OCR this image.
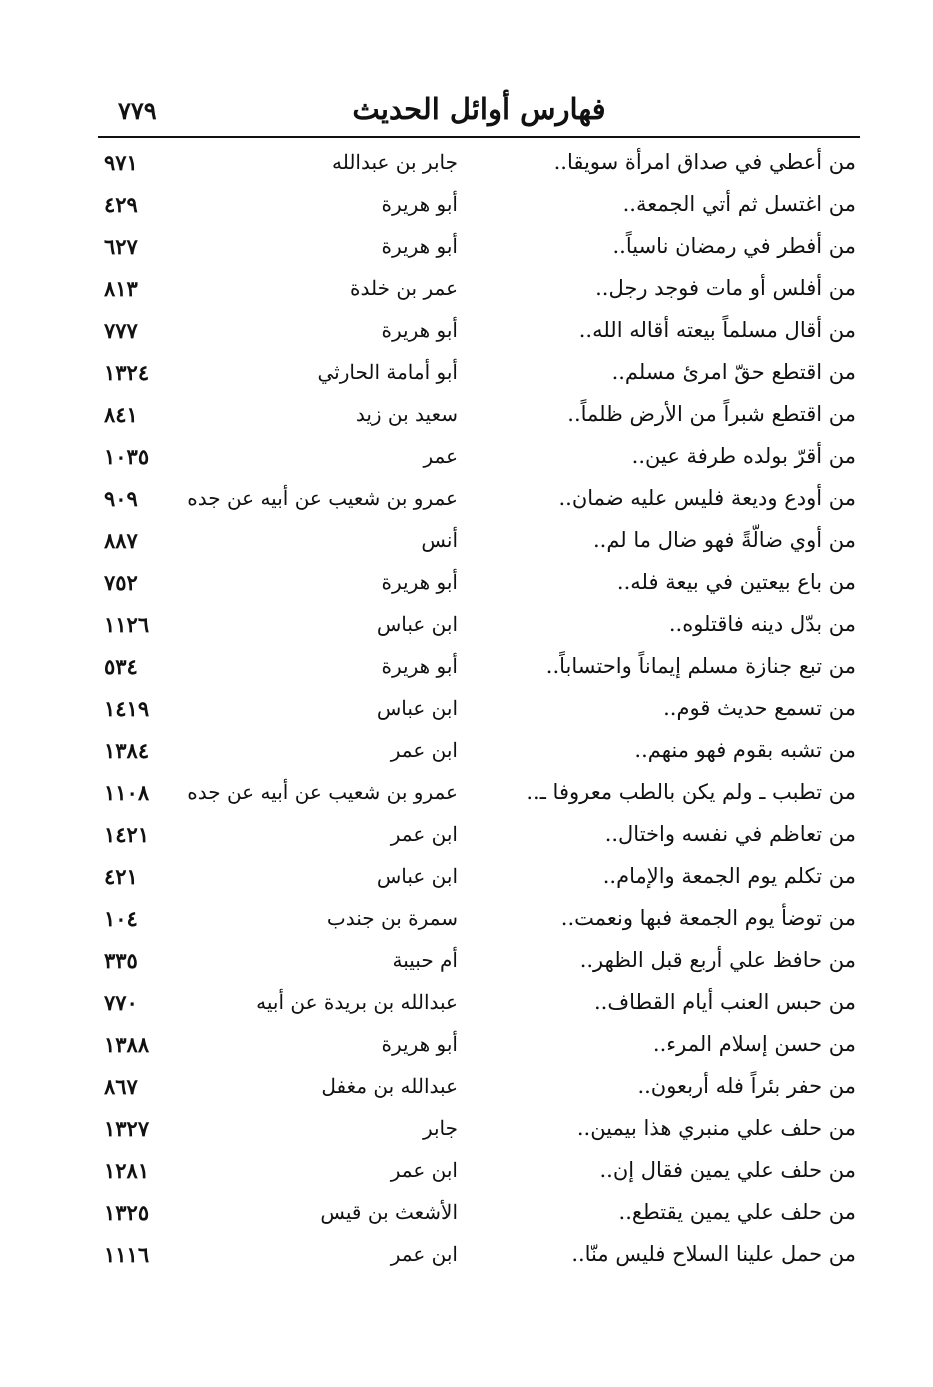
٧٧٩	فهارس أوائل الحديث
من أعطي في صداق امرأة سويقا..
جابر بن عبدالله
٩٧١
من اغتسل ثم أتي الجمعة..
أبو هريرة
٤٢٩
من أفطر في رمضان ناسياً..
أبو هريرة
٦٢٧
من أفلس أو مات فوجد رجل..
عمر بن خلدة
٨١٣
من أقال مسلماً بيعته أقاله الله..
أبو هريرة
٧٧٧
من اقتطع حقّ امرئ مسلم..
أبو أمامة الحارثي
١٣٢٤
من اقتطع شبراً من الأرض ظلماً..
سعيد بن زيد
٨٤١
من أقرّ بولده طرفة عين..
عمر
١٠٣٥
من أودع وديعة فليس عليه ضمان..
عمرو بن شعيب عن أبيه عن جده
٩٠٩
من أوي ضالّةً فهو ضال ما لم..
أنس
٨٨٧
من باع بيعتين في بيعة فله..
أبو هريرة
٧٥٢
من بدّل دينه فاقتلوه..
ابن عباس
١١٢٦
من تبع جنازة مسلم إيماناً واحتساباً..
أبو هريرة
٥٣٤
من تسمع حديث قوم..
ابن عباس
١٤١٩
من تشبه بقوم فهو منهم..
ابن عمر
١٣٨٤
من تطبب ـ ولم يكن بالطب معروفا ـ..
عمرو بن شعيب عن أبيه عن جده
١١٠٨
من تعاظم في نفسه واختال..
ابن عمر
١٤٢١
من تكلم يوم الجمعة والإمام..
ابن عباس
٤٢١
من توضأ يوم الجمعة فبها ونعمت..
سمرة بن جندب
١٠٤
من حافظ علي أربع قبل الظهر..
أم حبيبة
٣٣٥
من حبس العنب أيام القطاف..
عبدالله بن بريدة عن أبيه
٧٧٠
من حسن إسلام المرء..
أبو هريرة
١٣٨٨
من حفر بئراً فله أربعون..
عبدالله بن مغفل
٨٦٧
من حلف علي منبري هذا بيمين..
جابر
١٣٢٧
من حلف علي يمين فقال إن..
ابن عمر
١٢٨١
من حلف علي يمين يقتطع..
الأشعث بن قيس
١٣٢٥
من حمل علينا السلاح فليس منّا..
ابن عمر
١١١٦
